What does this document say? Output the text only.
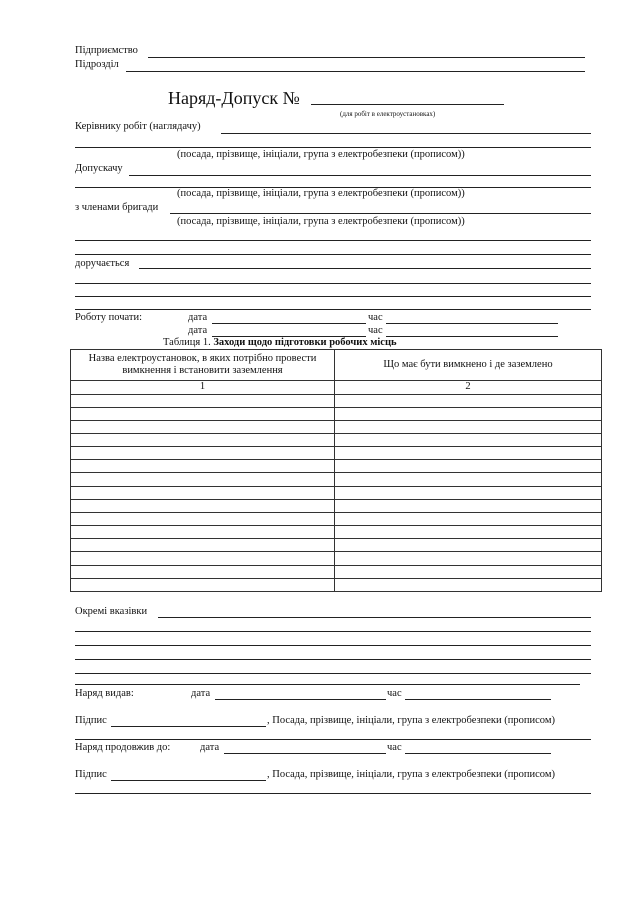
Підприємство
Підрозділ
Наряд-Допуск №
(для робіт в електроустановках)
Керівнику робіт (наглядачу)
(посада, прізвище, ініціали, група з електробезпеки (прописом))
Допускачу
(посада, прізвище, ініціали, група з електробезпеки (прописом))
з членами бригади
(посада, прізвище, ініціали, група з електробезпеки (прописом))
доручається
Роботу почати:	дата	час
дата	час
Таблиця 1. Заходи щодо підготовки робочих місць
Назва електроустановок, в яких потрібно провести вимкнення і встановити заземлення	Що має бути вимкнено і де заземлено
1	2

Окремі вказівки
Наряд видав:	дата	час
Підпис	, Посада, прізвище, ініціали, група з електробезпеки (прописом)
Наряд продовжив до:	дата	час
Підпис	, Посада, прізвище, ініціали, група з електробезпеки (прописом)
